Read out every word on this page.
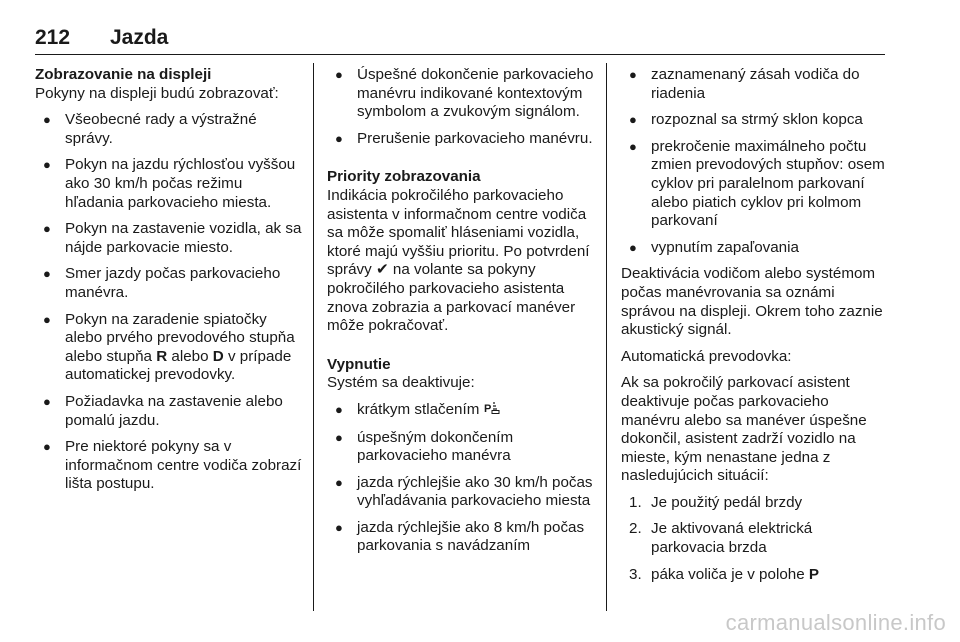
212 Jazda

Zobrazovanie na displeji

Pokyny na displeji budú zobrazovať:

● Všeobecné rady a výstražné správy.
● Pokyn na jazdu rýchlosťou vyššou ako 30 km/h počas režimu hľadania parkovacieho miesta.
● Pokyn na zastavenie vozidla, ak sa nájde parkovacie miesto.
● Smer jazdy počas parkovacieho manévra.
● Pokyn na zaradenie spiatočky alebo prvého prevodového stupňa alebo stupňa R alebo D v prípade automatickej prevodovky.
● Požiadavka na zastavenie alebo pomalú jazdu.
● Pre niektoré pokyny sa v informačnom centre vodiča zobrazí lišta postupu.
● Úspešné dokončenie parkovacieho manévru indikované kontextovým symbolom a zvukovým signálom.
● Prerušenie parkovacieho manévru.

Priority zobrazovania

Indikácia pokročilého parkovacieho asistenta v informačnom centre vodiča sa môže spomaliť hláseniami vozidla, ktoré majú vyššiu prioritu. Po potvrdení správy ✔ na volante sa pokyny pokročilého parkovacieho asistenta znova zobrazia a parkovací manéver môže pokračovať.

Vypnutie

Systém sa deaktivuje:

● krátkym stlačením P
● úspešným dokončením parkovacieho manévra
● jazda rýchlejšie ako 30 km/h počas vyhľadávania parkovacieho miesta
● jazda rýchlejšie ako 8 km/h počas parkovania s navádzaním
● zaznamenaný zásah vodiča do riadenia
● rozpoznal sa strmý sklon kopca
● prekročenie maximálneho počtu zmien prevodových stupňov: osem cyklov pri paralelnom parkovaní alebo piatich cyklov pri kolmom parkovaní
● vypnutím zapaľovania

Deaktivácia vodičom alebo systémom počas manévrovania sa oznámi správou na displeji. Okrem toho zaznie akustický signál.

Automatická prevodovka:

Ak sa pokročilý parkovací asistent deaktivuje počas parkovacieho manévru alebo sa manéver úspešne dokončil, asistent zadrží vozidlo na mieste, kým nenastane jedna z nasledujúcich situácií:

1. Je použitý pedál brzdy
2. Je aktivovaná elektrická parkovacia brzda
3. páka voliča je v polohe P
carmanualsonline.info
